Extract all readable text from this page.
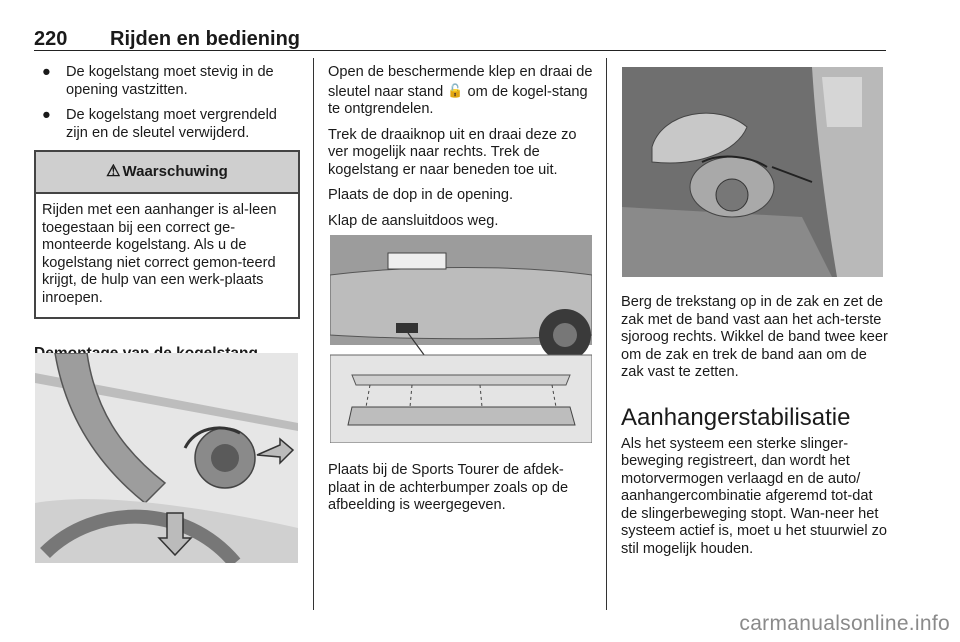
220 Rijden en bediening
● De kogelstang moet stevig in de opening vastzitten.
● De kogelstang moet vergrendeld zijn en de sleutel verwijderd.
⚠ Waarschuwing
Rijden met een aanhanger is al-leen toegestaan bij een correct ge-monteerde kogelstang. Als u de kogelstang niet correct gemon-teerd krijgt, de hulp van een werk-plaats inroepen.

Open de beschermende klep en draai de sleutel naar stand 🔓 om de kogel-stang te ontgrendelen.

Trek de draaiknop uit en draai deze zo ver mogelijk naar rechts. Trek de kogelstang er naar beneden toe uit.

Plaats de dop in de opening.

Klap de aansluitdoos weg.

Plaats bij de Sports Tourer de afdek-plaat in de achterbumper zoals op de afbeelding is weergegeven.

Berg de trekstang op in de zak en zet de zak met de band vast aan het ach-terste sjoroog rechts. Wikkel de band twee keer om de zak en trek de band aan om de zak vast te zetten.

Aanhangerstabilisatie

Als het systeem een sterke slinger-beweging registreert, dan wordt het motorvermogen verlaagd en de auto/ aanhangercombinatie afgeremd tot-dat de slingerbeweging stopt. Wan-neer het systeem actief is, moet u het stuurwiel zo stil mogelijk houden.

carmanualsonline.info
